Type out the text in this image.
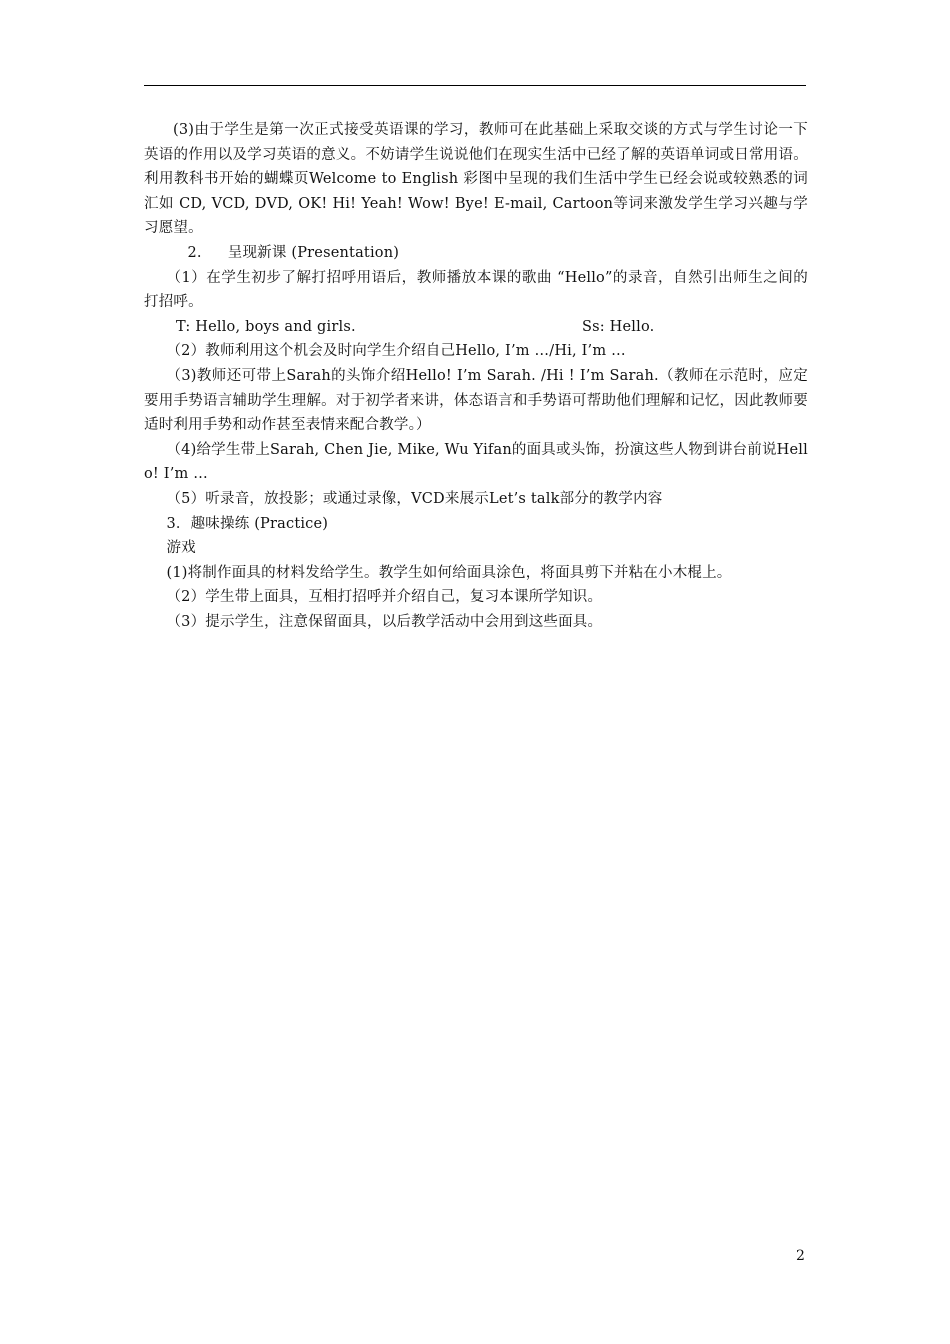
(3)由于学生是第一次正式接受英语课的学习，教师可在此基础上采取交谈的方式与学生讨论一下英语的作用以及学习英语的意义。不妨请学生说说他们在现实生活中已经了解的英语单词或日常用语。利用教科书开始的蝴蝶页Welcome to English 彩图中呈现的我们生活中学生已经会说或较熟悉的词汇如 CD, VCD, DVD, OK! Hi! Yeah! Wow! Bye! E-mail, Cartoon等词来激发学生学习兴趣与学习愿望。

2. 呈现新课 (Presentation)

（1）在学生初步了解打招呼用语后，教师播放本课的歌曲 “Hello”的录音，自然引出师生之间的打招呼。

T: Hello, boys and girls.	Ss: Hello.

（2）教师利用这个机会及时向学生介绍自己Hello, I’m …/Hi, I’m …

（3)教师还可带上Sarah的头饰介绍Hello! I’m Sarah. /Hi ! I’m Sarah.（教师在示范时，应定要用手势语言辅助学生理解。对于初学者来讲，体态语言和手势语可帮助他们理解和记忆，因此教师要适时利用手势和动作甚至表情来配合教学。）

（4)给学生带上Sarah, Chen Jie, Mike, Wu Yifan的面具或头饰，扮演这些人物到讲台前说Hello! I’m …

（5）听录音，放投影；或通过录像，VCD来展示Let’s talk部分的教学内容

3．趣味操练 (Practice)

游戏

(1)将制作面具的材料发给学生。教学生如何给面具涂色，将面具剪下并粘在小木棍上。

（2）学生带上面具，互相打招呼并介绍自己，复习本课所学知识。

（3）提示学生，注意保留面具，以后教学活动中会用到这些面具。

2
